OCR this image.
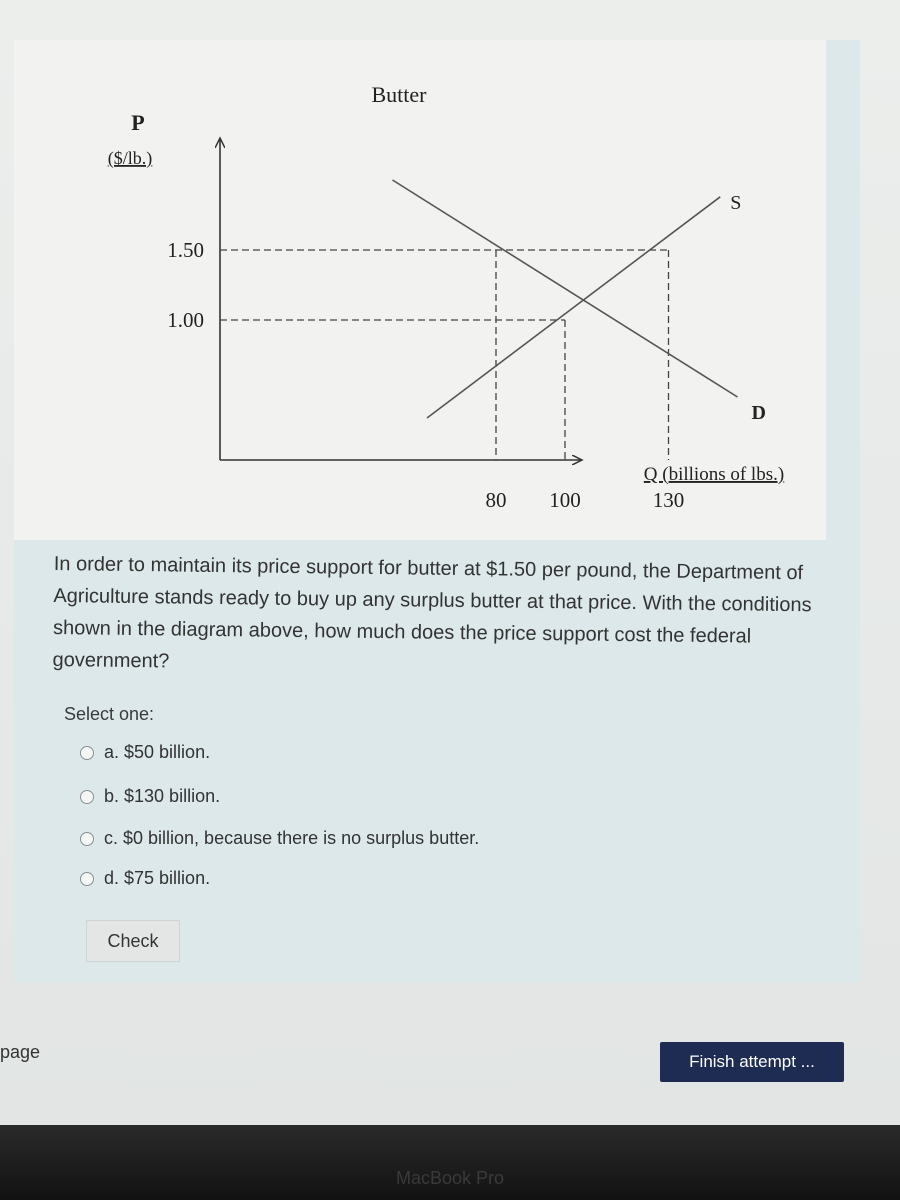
Butter
P
($/lb.)
Q (billions of lbs.)
S
D
1.50
1.00
80 100	130
In order to maintain its price support for butter at $1.50 per pound, the Department of Agriculture stands ready to buy up any surplus butter at that price. With the conditions shown in the diagram above, how much does the price support cost the federal government?
Select one:
a. $50 billion.
b. $130 billion.
c. $0 billion, because there is no surplus butter.
d. $75 billion.
Check
page	Finish attempt ...
MacBook Pro
